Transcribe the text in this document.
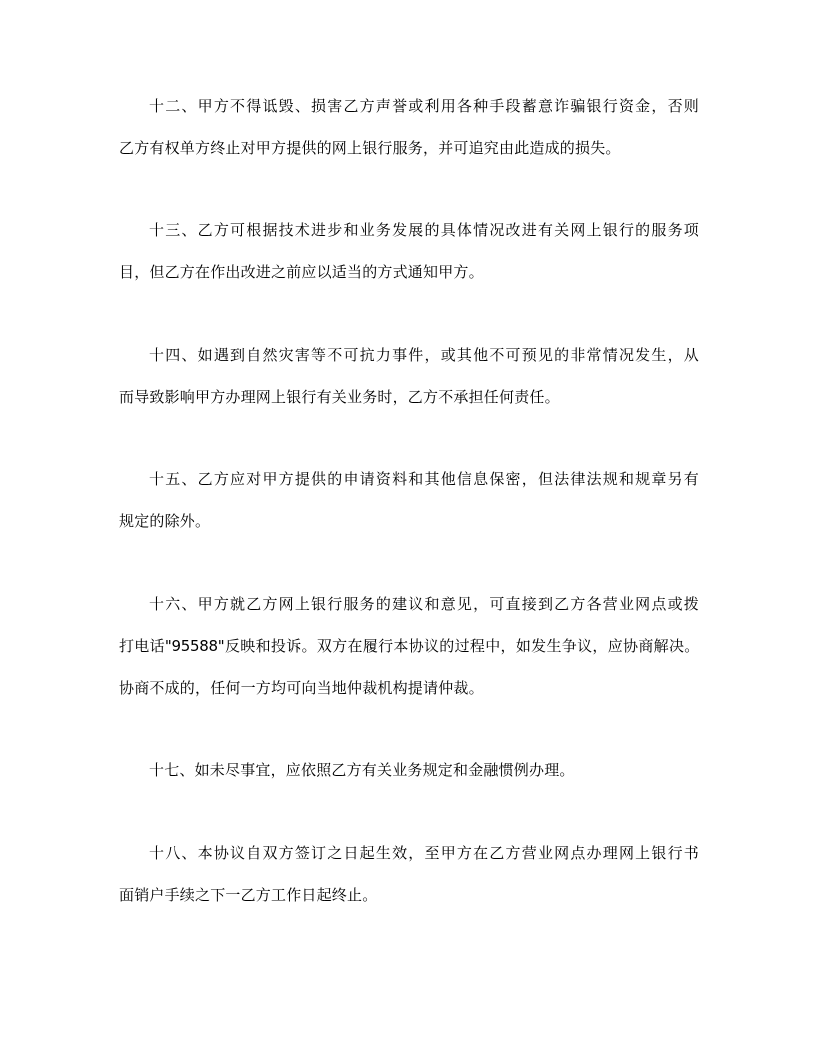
十二、甲方不得诋毁、损害乙方声誉或利用各种手段蓄意诈骗银行资金，否则
乙方有权单方终止对甲方提供的网上银行服务，并可追究由此造成的损失。
十三、乙方可根据技术进步和业务发展的具体情况改进有关网上银行的服务项
目，但乙方在作出改进之前应以适当的方式通知甲方。
十四、如遇到自然灾害等不可抗力事件，或其他不可预见的非常情况发生，从
而导致影响甲方办理网上银行有关业务时，乙方不承担任何责任。
十五、乙方应对甲方提供的申请资料和其他信息保密，但法律法规和规章另有
规定的除外。
十六、甲方就乙方网上银行服务的建议和意见，可直接到乙方各营业网点或拨
打电话"95588"反映和投诉。双方在履行本协议的过程中，如发生争议，应协商解决。
协商不成的，任何一方均可向当地仲裁机构提请仲裁。
十七、如未尽事宜，应依照乙方有关业务规定和金融惯例办理。
十八、本协议自双方签订之日起生效，至甲方在乙方营业网点办理网上银行书
面销户手续之下一乙方工作日起终止。
